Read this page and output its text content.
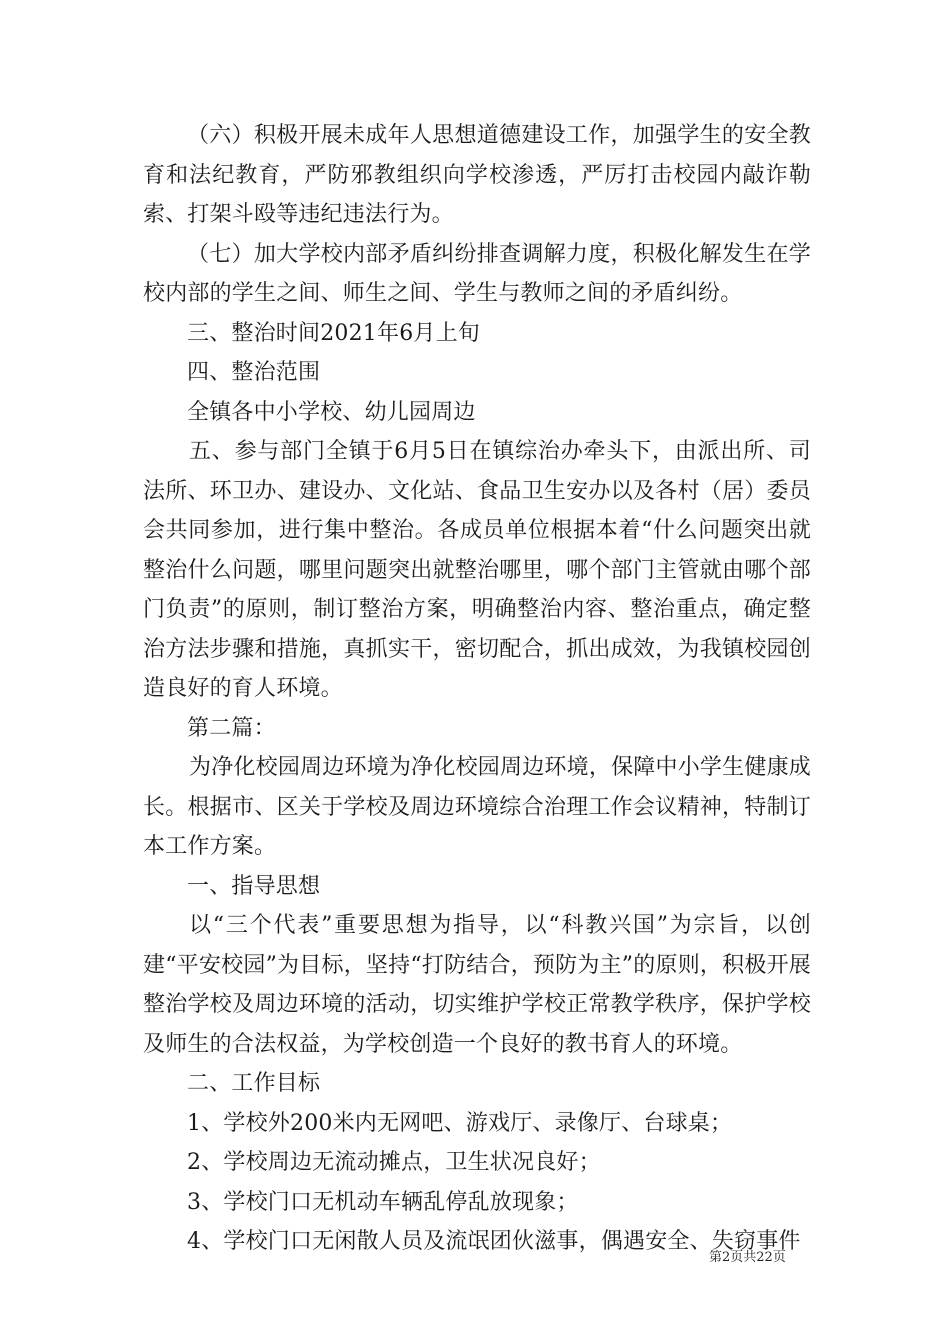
（六）积极开展未成年人思想道德建设工作，加强学生的安全教育和法纪教育，严防邪教组织向学校渗透，严厉打击校园内敲诈勒索、打架斗殴等违纪违法行为。

（七）加大学校内部矛盾纠纷排查调解力度，积极化解发生在学校内部的学生之间、师生之间、学生与教师之间的矛盾纠纷。

三、整治时间2021年6月上旬

四、整治范围

全镇各中小学校、幼儿园周边

五、参与部门全镇于6月5日在镇综治办牵头下，由派出所、司法所、环卫办、建设办、文化站、食品卫生安办以及各村（居）委员会共同参加，进行集中整治。各成员单位根据本着“什么问题突出就整治什么问题，哪里问题突出就整治哪里，哪个部门主管就由哪个部门负责”的原则，制订整治方案，明确整治内容、整治重点，确定整治方法步骤和措施，真抓实干，密切配合，抓出成效，为我镇校园创造良好的育人环境。

第二篇：

为净化校园周边环境为净化校园周边环境，保障中小学生健康成长。根据市、区关于学校及周边环境综合治理工作会议精神，特制订本工作方案。

一、指导思想

以“三个代表”重要思想为指导，以“科教兴国”为宗旨，以创建“平安校园”为目标，坚持“打防结合，预防为主”的原则，积极开展整治学校及周边环境的活动，切实维护学校正常教学秩序，保护学校及师生的合法权益，为学校创造一个良好的教书育人的环境。

二、工作目标

1、学校外200米内无网吧、游戏厅、录像厅、台球桌；

2、学校周边无流动摊点，卫生状况良好；

3、学校门口无机动车辆乱停乱放现象；

4、学校门口无闲散人员及流氓团伙滋事，偶遇安全、失窃事件

第2页共22页
